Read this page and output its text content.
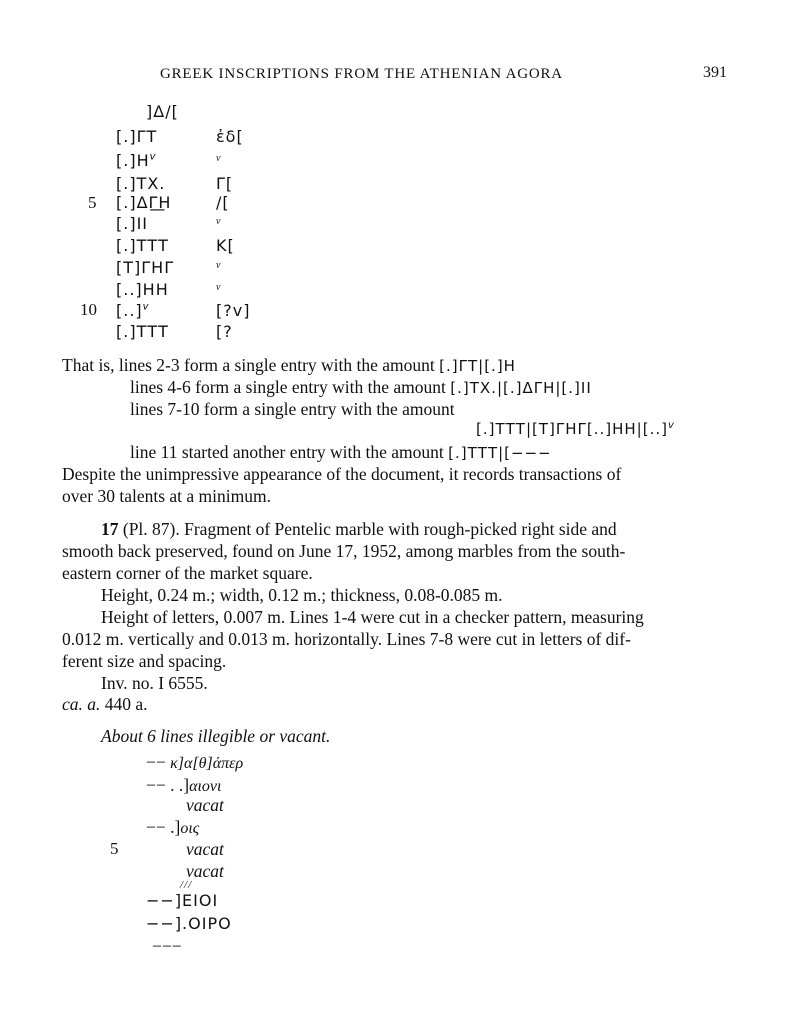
GREEK INSCRIPTIONS FROM THE ATHENIAN AGORA	391
]Δ/[
[.]ΓΤ
$[.]H^v$
[.]ΤΧ.
5 [.]ΔΓ͟Η
[.]ΙΙ
[.]ΤΤΤ
[Τ]ΓΗΓ
[..]ΗΗ
10 [..]$^v$
[.]ΤΤΤ
ἐδ[
v
Γ[
/[
v
Κ[
v
v
[?v]
[?
That is, lines 2-3 form a single entry with the amount [.]ΓΤ|[.]Η
lines 4-6 form a single entry with the amount [.]ΤΧ.|[.]ΔΓΗ|[.]ΙΙ
lines 7-10 form a single entry with the amount
[.]ΤΤΤ|[Τ]ΓΗΓ[..]ΗΗ|[..]$^v$
line 11 started another entry with the amount [.]ΤΤΤ|[−−−
Despite the unimpressive appearance of the document, it records transactions of
over 30 talents at a minimum.
17 (Pl. 87). Fragment of Pentelic marble with rough-picked right side and
smooth back preserved, found on June 17, 1952, among marbles from the south-
eastern corner of the market square.
Height, 0.24 m.; width, 0.12 m.; thickness, 0.08-0.085 m.
Height of letters, 0.007 m. Lines 1-4 were cut in a checker pattern, measuring
0.012 m. vertically and 0.013 m. horizontally. Lines 7-8 were cut in letters of dif-
ferent size and spacing.
Inv. no. I 6555.
ca. a. 440 a.
About 6 lines illegible or vacant.
−− κ]α[θ]άπερ
−− . .]αιονι
vacat
−− .]οις
5	vacat
vacat
///
−−]ΕΙΟΙ
−−].ΟΙΡΟ
−−−
